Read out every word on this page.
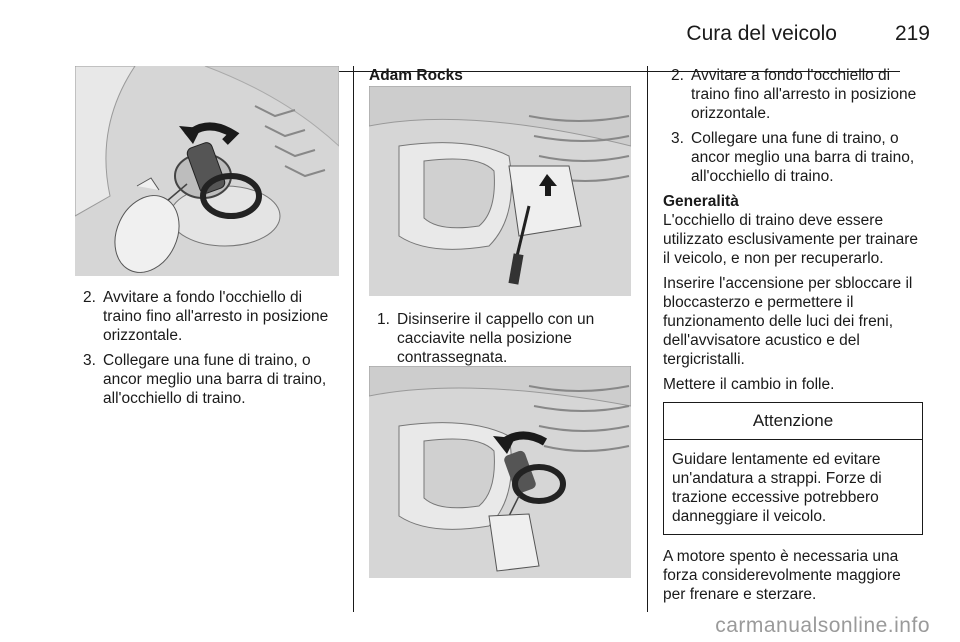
Cura del veicolo	219
2. Avvitare a fondo l'occhiello di traino fino all'arresto in posizione orizzontale.
3. Collegare una fune di traino, o ancor meglio una barra di traino, all'occhiello di traino.
Adam Rocks
1. Disinserire il cappello con un cacciavite nella posizione contrassegnata.
2. Avvitare a fondo l'occhiello di traino fino all'arresto in posizione orizzontale.
3. Collegare una fune di traino, o ancor meglio una barra di traino, all'occhiello di traino.
Generalità

L'occhiello di traino deve essere utilizzato esclusivamente per trainare il veicolo, e non per recuperarlo.

Inserire l'accensione per sbloccare il bloccasterzo e permettere il funzionamento delle luci dei freni, dell'avvisatore acustico e del tergicristalli.

Mettere il cambio in folle.

Attenzione
Guidare lentamente ed evitare un'andatura a strappi. Forze di trazione eccessive potrebbero danneggiare il veicolo.

A motore spento è necessaria una forza considerevolmente maggiore per frenare e sterzare.

carmanualsonline.info
